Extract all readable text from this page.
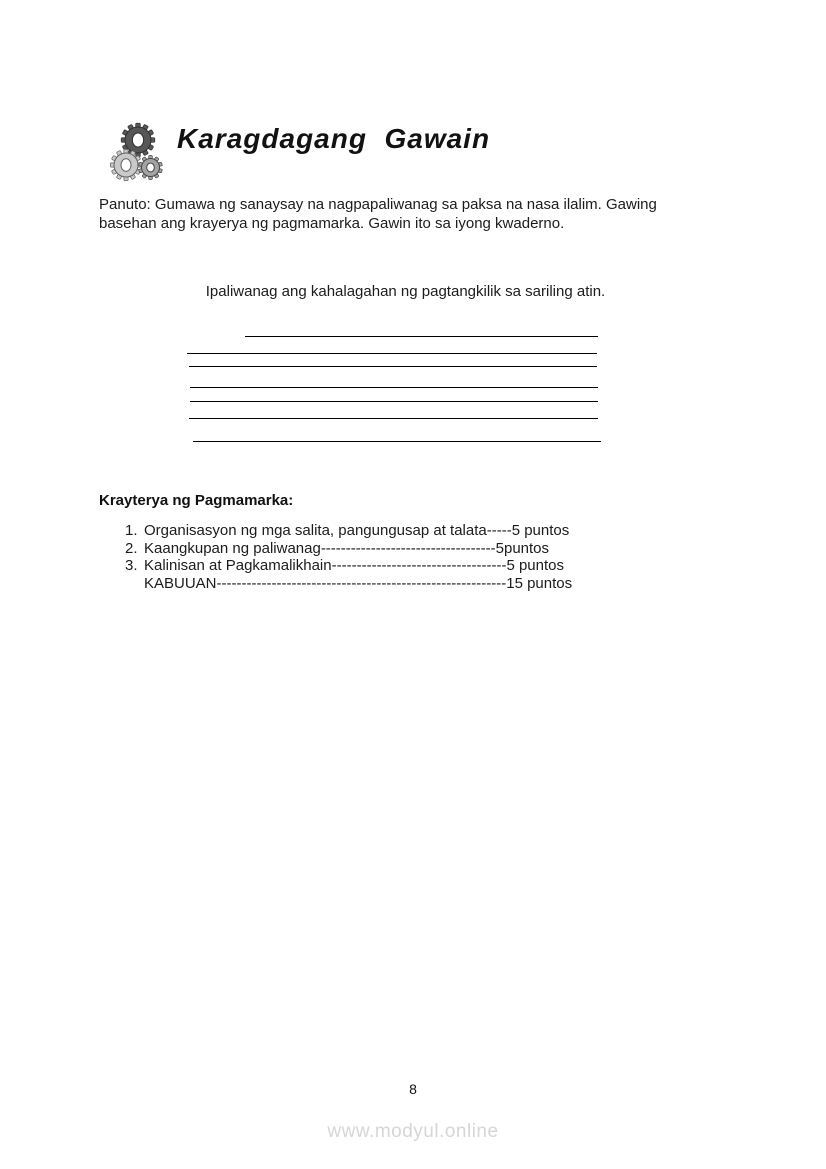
Karagdagang  Gawain

Panuto: Gumawa ng sanaysay na nagpapaliwanag sa paksa na nasa ilalim. Gawing basehan ang krayerya ng pagmamarka. Gawin ito sa iyong kwaderno.

Ipaliwanag ang kahalagahan ng pagtangkilik sa sariling atin.

Krayterya ng Pagmamarka:
1. Organisasyon ng mga salita, pangungusap at talata-----5 puntos
2. Kaangkupan ng paliwanag-----------------------------------5puntos
3. Kalinisan at Pagkamalikhain-----------------------------------5 puntos
KABUUAN----------------------------------------------------------15 puntos
8
www.modyul.online
